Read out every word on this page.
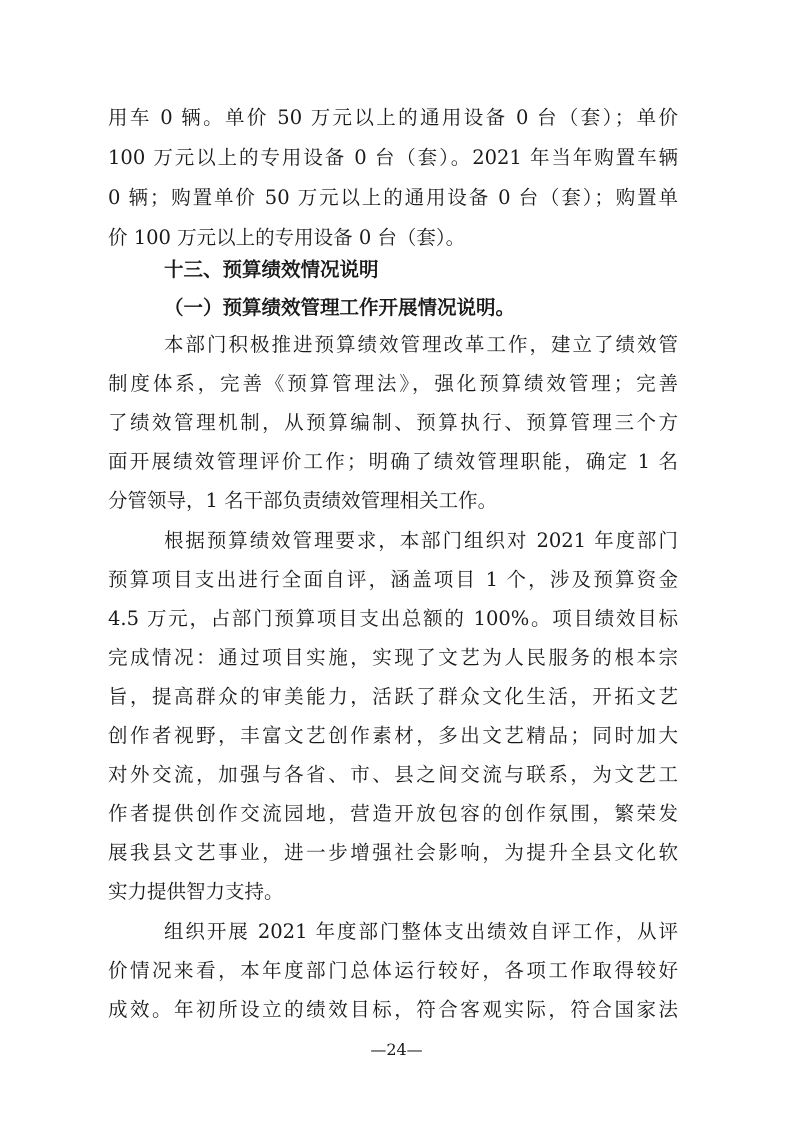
用车 0 辆。单价 50 万元以上的通用设备 0 台（套）；单价
100 万元以上的专用设备 0 台（套）。2021 年当年购置车辆
0 辆；购置单价 50 万元以上的通用设备 0 台（套）；购置单
价 100 万元以上的专用设备 0 台（套）。
十三、预算绩效情况说明
（一）预算绩效管理工作开展情况说明。
本部门积极推进预算绩效管理改革工作，建立了绩效管
制度体系，完善《预算管理法》，强化预算绩效管理；完善
了绩效管理机制，从预算编制、预算执行、预算管理三个方
面开展绩效管理评价工作；明确了绩效管理职能，确定 1 名
分管领导，1 名干部负责绩效管理相关工作。
根据预算绩效管理要求，本部门组织对 2021 年度部门
预算项目支出进行全面自评，涵盖项目 1 个，涉及预算资金
4.5 万元，占部门预算项目支出总额的 100%。项目绩效目标
完成情况：通过项目实施，实现了文艺为人民服务的根本宗
旨，提高群众的审美能力，活跃了群众文化生活，开拓文艺
创作者视野，丰富文艺创作素材，多出文艺精品；同时加大
对外交流，加强与各省、市、县之间交流与联系，为文艺工
作者提供创作交流园地，营造开放包容的创作氛围，繁荣发
展我县文艺事业，进一步增强社会影响，为提升全县文化软
实力提供智力支持。
组织开展 2021 年度部门整体支出绩效自评工作，从评
价情况来看，本年度部门总体运行较好，各项工作取得较好
成效。年初所设立的绩效目标，符合客观实际，符合国家法
—24—
